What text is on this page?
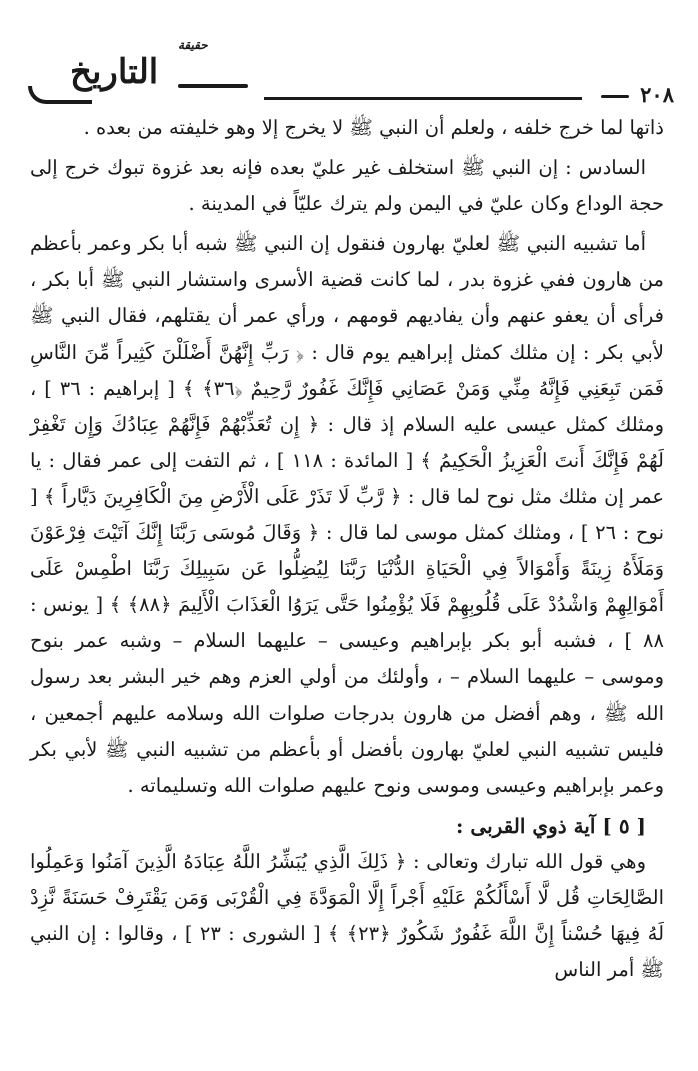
٢٠٨
حقيقة
التاريخ

ذاتها لما خرج خلفه ، ولعلم أن النبي ﷺ لا يخرج إلا وهو خليفته من بعده .

السادس : إن النبي ﷺ استخلف غير عليّ بعده فإنه بعد غزوة تبوك خرج إلى حجة الوداع وكان عليّ في اليمن ولم يترك عليّاً في المدينة .

أما تشبيه النبي ﷺ لعليّ بهارون فنقول إن النبي ﷺ شبه أبا بكر وعمر بأعظم من هارون ففي غزوة بدر ، لما كانت قضية الأسرى واستشار النبي ﷺ أبا بكر ، فرأى أن يعفو عنهم وأن يفاديهم قومهم ، ورأي عمر أن يقتلهم، فقال النبي ﷺ لأبي بكر : إن مثلك كمثل إبراهيم يوم قال : ﴿ رَبِّ إِنَّهُنَّ أَضْلَلْنَ كَثِيراً مِّنَ النَّاسِ فَمَن تَبِعَنِي فَإِنَّهُ مِنِّي وَمَنْ عَصَانِي فَإِنَّكَ غَفُورٌ رَّحِيمٌ ﴿٣٦﴾ ﴾ [ إبراهيم : ٣٦ ] ، ومثلك كمثل عيسى عليه السلام إذ قال : ﴿ إِن تُعَذِّبْهُمْ فَإِنَّهُمْ عِبَادُكَ وَإِن تَغْفِرْ لَهُمْ فَإِنَّكَ أَنتَ الْعَزِيزُ الْحَكِيمُ ﴾ [ المائدة : ١١٨ ] ، ثم التفت إلى عمر فقال : يا عمر إن مثلك مثل نوح لما قال : ﴿ رَّبِّ لَا تَذَرْ عَلَى الْأَرْضِ مِنَ الْكَافِرِينَ دَيَّاراً ﴾ [ نوح : ٢٦ ] ، ومثلك كمثل موسى لما قال : ﴿ وَقَالَ مُوسَى رَبَّنَا إِنَّكَ آتَيْتَ فِرْعَوْنَ وَمَلَأَهُ زِينَةً وَأَمْوَالاً فِي الْحَيَاةِ الدُّنْيَا رَبَّنَا لِيُضِلُّوا عَن سَبِيلِكَ رَبَّنَا اطْمِسْ عَلَى أَمْوَالِهِمْ وَاشْدُدْ عَلَى قُلُوبِهِمْ فَلَا يُؤْمِنُوا حَتَّى يَرَوُا الْعَذَابَ الْأَلِيمَ ﴿٨٨﴾ ﴾ [ يونس : ٨٨ ] ، فشبه أبو بكر بإبراهيم وعيسى – عليهما السلام – وشبه عمر بنوح وموسى – عليهما السلام – ، وأولئك من أولي العزم وهم خير البشر بعد رسول الله ﷺ ، وهم أفضل من هارون بدرجات صلوات الله وسلامه عليهم أجمعين ، فليس تشبيه النبي لعليّ بهارون بأفضل أو بأعظم من تشبيه النبي ﷺ لأبي بكر وعمر بإبراهيم وعيسى وموسى ونوح عليهم صلوات الله وتسليماته .

[ ٥ ] آية ذوي القربى :

وهي قول الله تبارك وتعالى : ﴿ ذَلِكَ الَّذِي يُبَشِّرُ اللَّهُ عِبَادَهُ الَّذِينَ آمَنُوا وَعَمِلُوا الصَّالِحَاتِ قُل لَّا أَسْأَلُكُمْ عَلَيْهِ أَجْراً إِلَّا الْمَوَدَّةَ فِي الْقُرْبَى وَمَن يَقْتَرِفْ حَسَنَةً نَّزِدْ لَهُ فِيهَا حُسْناً إِنَّ اللَّهَ غَفُورٌ شَكُورٌ ﴿٢٣﴾ ﴾ [ الشورى : ٢٣ ] ، وقالوا : إن النبي ﷺ أمر الناس
